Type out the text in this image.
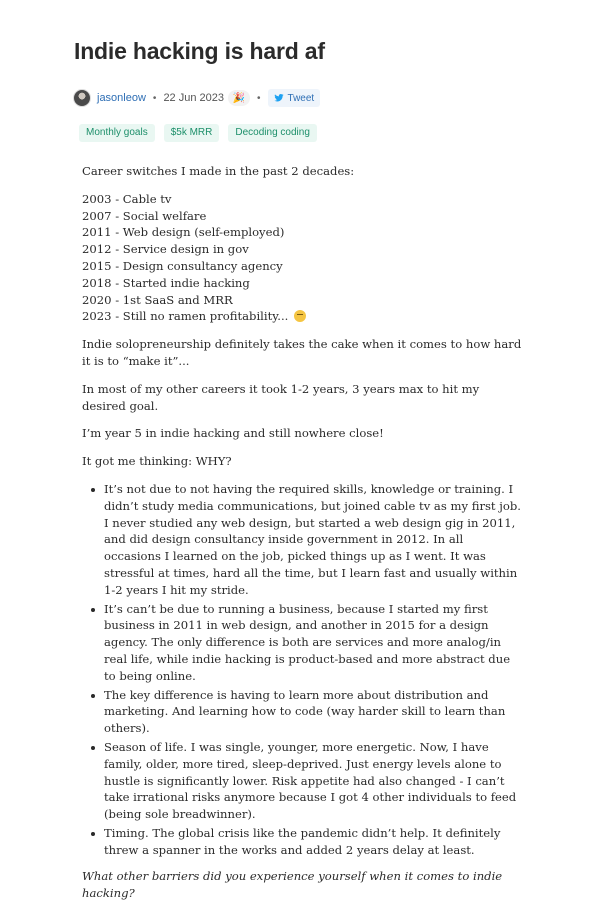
Indie hacking is hard af
jasonleow • 22 Jun 2023 🎉	•	Tweet
Monthly goals	$5k MRR	Decoding coding

Career switches I made in the past 2 decades:

2003 - Cable tv
2007 - Social welfare
2011 - Web design (self-employed)
2012 - Service design in gov
2015 - Design consultancy agency
2018 - Started indie hacking
2020 - 1st SaaS and MRR
2023 - Still no ramen profitability...

Indie solopreneurship definitely takes the cake when it comes to how hard it is to “make it”...

In most of my other careers it took 1-2 years, 3 years max to hit my desired goal.

I’m year 5 in indie hacking and still nowhere close!

It got me thinking: WHY?

It’s not due to not having the required skills, knowledge or training. I didn’t study media communications, but joined cable tv as my first job. I never studied any web design, but started a web design gig in 2011, and did design consultancy inside government in 2012. In all occasions I learned on the job, picked things up as I went. It was stressful at times, hard all the time, but I learn fast and usually within 1-2 years I hit my stride.
It’s can’t be due to running a business, because I started my first business in 2011 in web design, and another in 2015 for a design agency. The only difference is both are services and more analog/in real life, while indie hacking is product-based and more abstract due to being online.
The key difference is having to learn more about distribution and marketing. And learning how to code (way harder skill to learn than others).
Season of life. I was single, younger, more energetic. Now, I have family, older, more tired, sleep-deprived. Just energy levels alone to hustle is significantly lower. Risk appetite had also changed - I can’t take irrational risks anymore because I got 4 other individuals to feed (being sole breadwinner).
Timing. The global crisis like the pandemic didn’t help. It definitely threw a spanner in the works and added 2 years delay at least.

What other barriers did you experience yourself when it comes to indie hacking?
